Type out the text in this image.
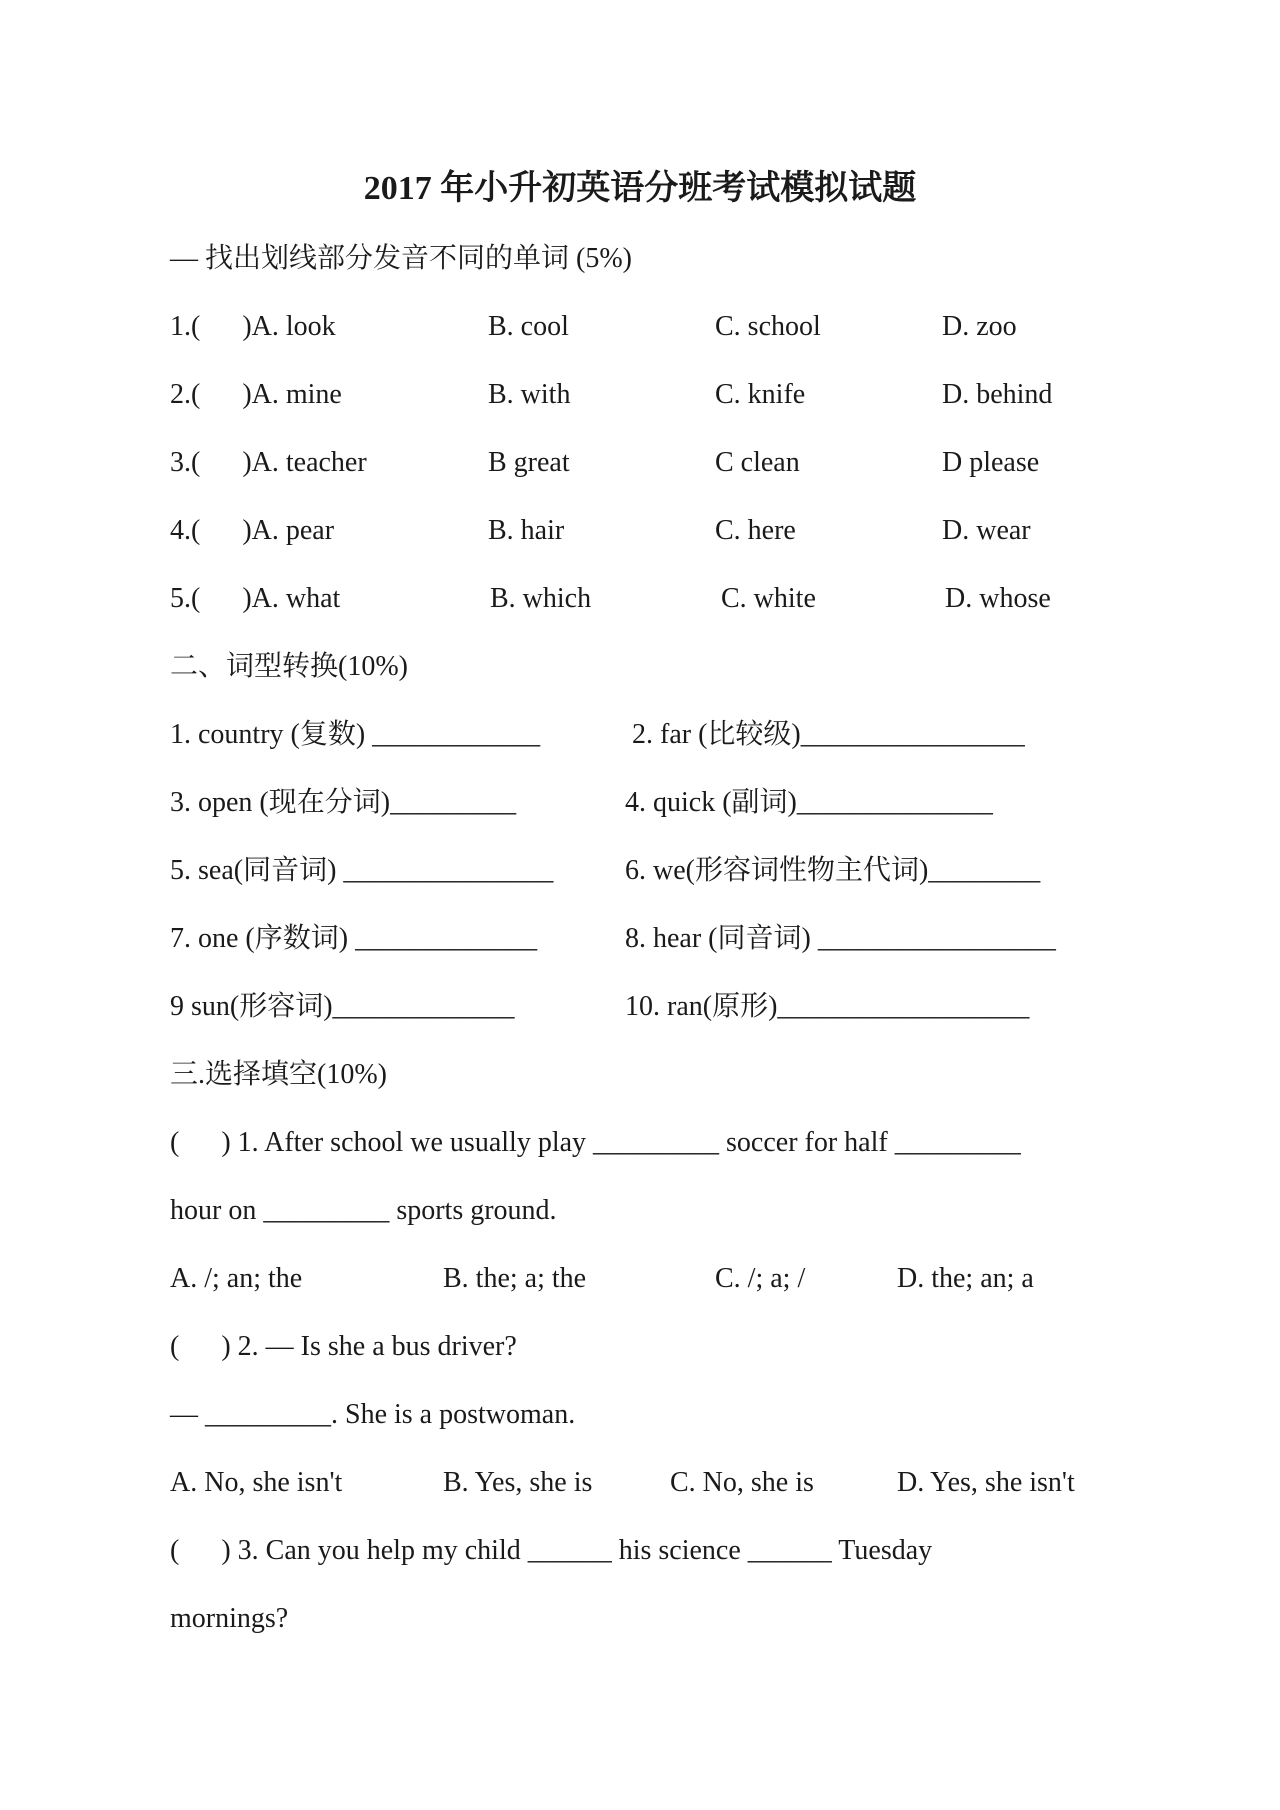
2017 年小升初英语分班考试模拟试题
— 找出划线部分发音不同的单词 (5%)
1.(      )A. look	B. cool	C. school	D. zoo
2.(      )A. mine	B. with	C. knife	D. behind
3.(      )A. teacher	B great	C clean	D please
4.(      )A. pear	B. hair	C. here	D. wear
5.(      )A. what	B. which	C. white	D. whose
二、词型转换(10%)
1. country (复数) ____________	2. far (比较级)________________
3. open (现在分词)_________	4. quick (副词)______________
5. sea(同音词) _______________	6. we(形容词性物主代词)________
7. one (序数词) _____________	8. hear (同音词) _________________
9 sun(形容词)_____________	10. ran(原形)__________________
三.选择填空(10%)
(      ) 1. After school we usually play _________ soccer for half _________
hour on _________ sports ground.
A. /; an; the	B. the; a; the	C. /; a; /	D. the; an; a
(      ) 2. — Is she a bus driver?
— _________. She is a postwoman.
A. No, she isn't	B. Yes, she is	C. No, she is	D. Yes, she isn't
(      ) 3. Can you help my child ______ his science ______ Tuesday
mornings?
